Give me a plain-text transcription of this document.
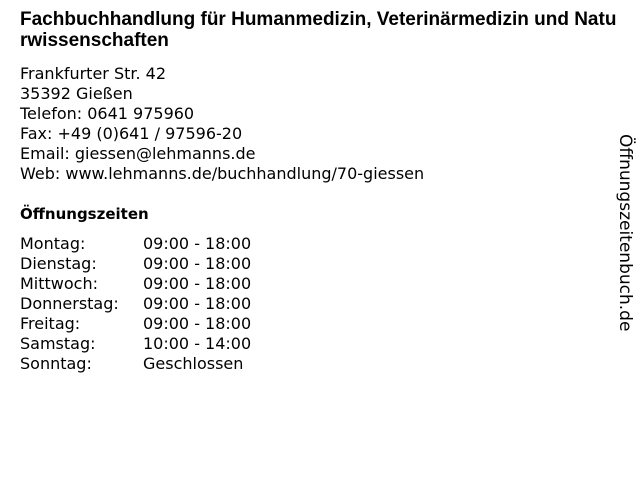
Fachbuchhandlung für Humanmedizin, Veterinärmedizin und Naturwissenschaften
Frankfurter Str. 42
35392 Gießen
Telefon: 0641 975960
Fax: +49 (0)641 / 97596-20
Email: giessen@lehmanns.de
Web: www.lehmanns.de/buchhandlung/70-giessen
Öffnungszeiten
Montag:	09:00 - 18:00
Dienstag:	09:00 - 18:00
Mittwoch:	09:00 - 18:00
Donnerstag:	09:00 - 18:00
Freitag:	09:00 - 18:00
Samstag:	10:00 - 14:00
Sonntag:	Geschlossen
Öffnungszeitenbuch.de
